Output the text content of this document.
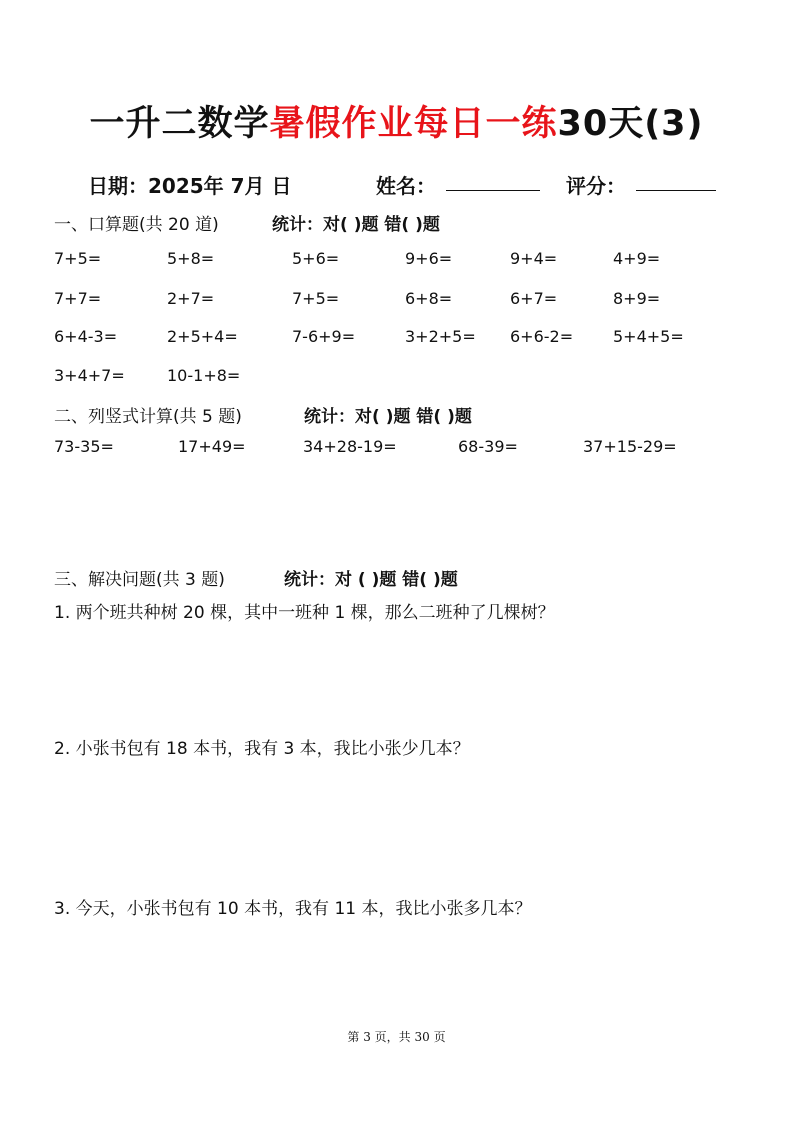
一升二数学暑假作业每日一练30天(3)
日期：2025年 7月 日	姓名：	评分：
一、口算题(共 20 道)	统计：对( )题 错( )题
7+5=	5+8=	5+6=	9+6=	9+4=	4+9=
7+7=	2+7=	7+5=	6+8=	6+7=	8+9=
6+4-3=	2+5+4=	7-6+9=	3+2+5= 6+6-2= 5+4+5=
3+4+7=	10-1+8=
二、列竖式计算(共 5 题)	统计：对( )题 错( )题
73-35=	17+49=	34+28-19=	68-39=	37+15-29=
三、解决问题(共 3 题)	统计：对 ( )题 错( )题
1. 两个班共种树 20 棵，其中一班种 1 棵，那么二班种了几棵树？
2. 小张书包有 18 本书，我有 3 本，我比小张少几本？
3. 今天，小张书包有 10 本书，我有 11 本，我比小张多几本？
第 3 页，共 30 页
